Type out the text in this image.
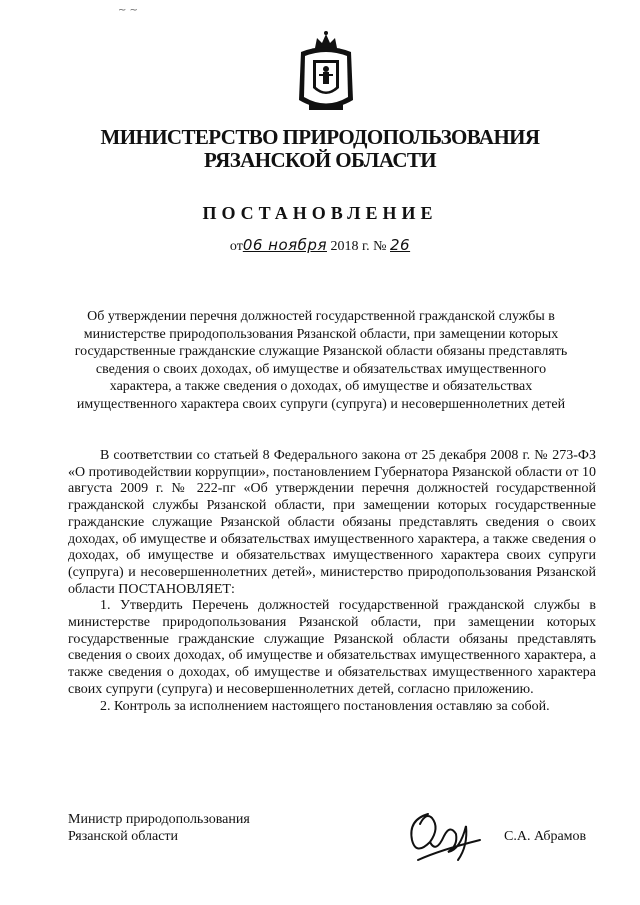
~ ~
МИНИСТЕРСТВО ПРИРОДОПОЛЬЗОВАНИЯ
РЯЗАНСКОЙ ОБЛАСТИ
ПОСТАНОВЛЕНИЕ
от06 ноября 2018 г. № 26
Об утверждении перечня должностей государственной гражданской службы в министерстве природопользования Рязанской области, при замещении которых государственные гражданские служащие Рязанской области обязаны представлять сведения о своих доходах, об имуществе и обязательствах имущественного характера, а также сведения о доходах, об имуществе и обязательствах имущественного характера своих супруги (супруга) и несовершеннолетних детей

В соответствии со статьей 8 Федерального закона от 25 декабря 2008 г. № 273-ФЗ «О противодействии коррупции», постановлением Губернатора Рязанской области от 10 августа 2009 г. № 222-пг «Об утверждении перечня должностей государственной гражданской службы Рязанской области, при замещении которых государственные гражданские служащие Рязанской области обязаны представлять сведения о своих доходах, об имуществе и обязательствах имущественного характера, а также сведения о доходах, об имуществе и обязательствах имущественного характера своих супруги (супруга) и несовершеннолетних детей», министерство природопользования Рязанской области ПОСТАНОВЛЯЕТ:

1. Утвердить Перечень должностей государственной гражданской службы в министерстве природопользования Рязанской области, при замещении которых государственные гражданские служащие Рязанской области обязаны представлять сведения о своих доходах, об имуществе и обязательствах имущественного характера, а также сведения о доходах, об имуществе и обязательствах имущественного характера своих супруги (супруга) и несовершеннолетних детей, согласно приложению.

2. Контроль за исполнением настоящего постановления оставляю за собой.

Министр природопользования
Рязанской области	С.А. Абрамов
